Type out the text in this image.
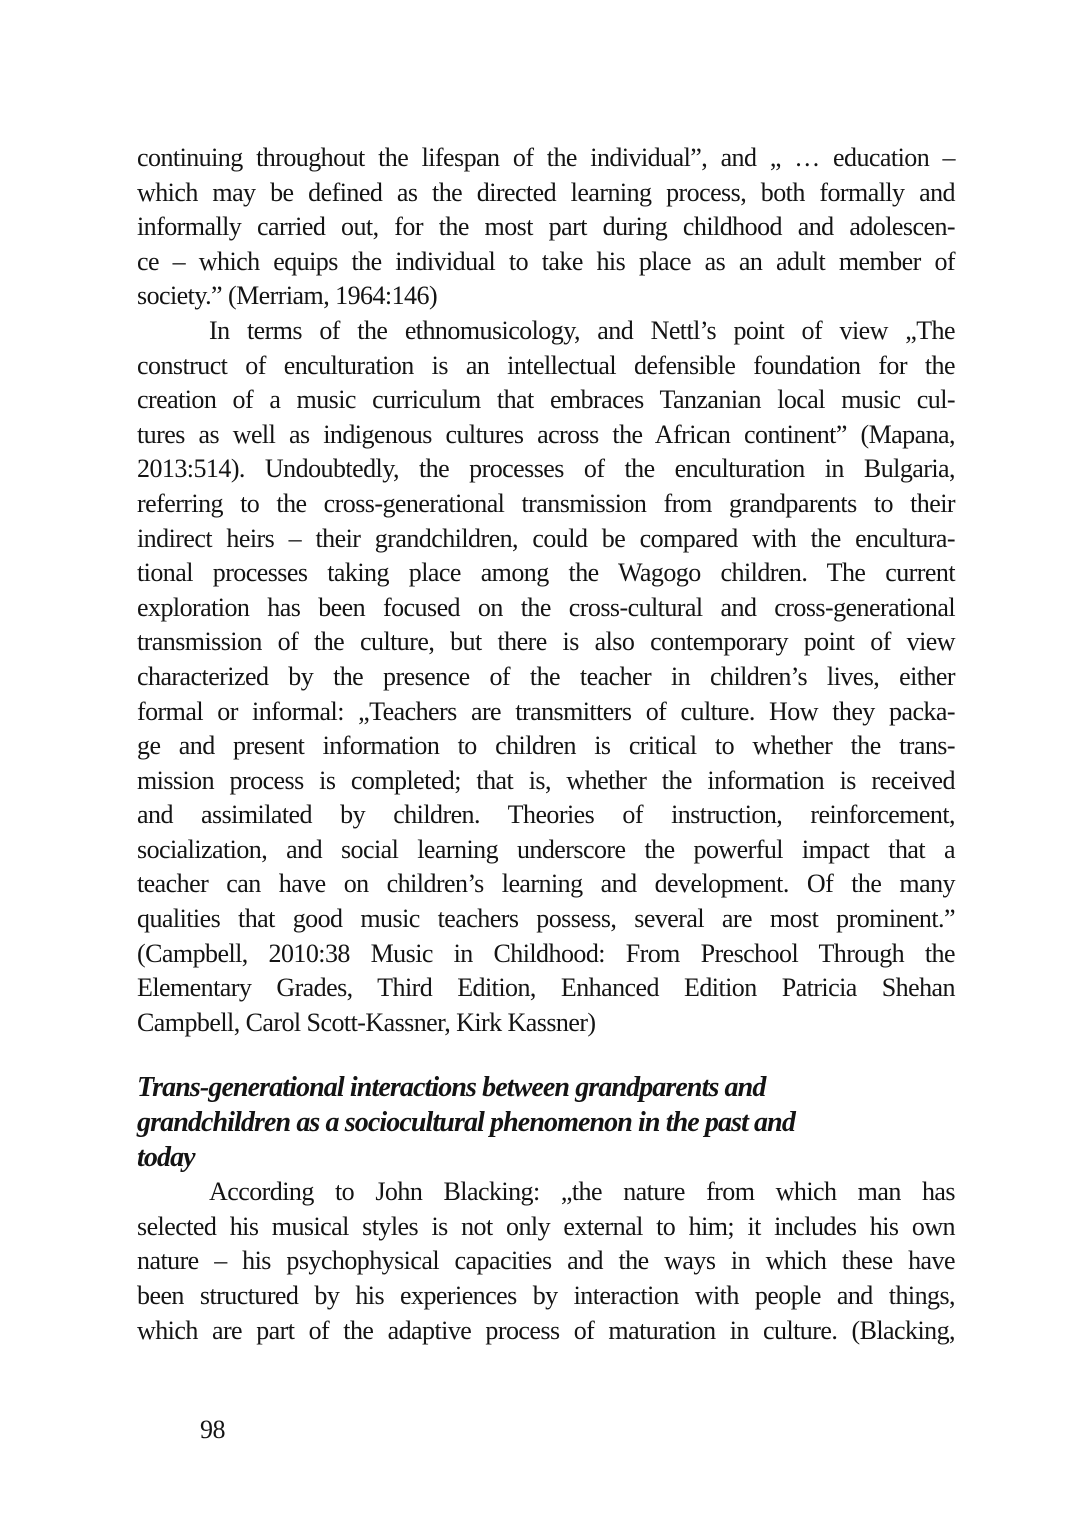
continuing throughout the lifespan of the individual”, and „ … education –
which may be defined as the directed learning process, both formally and
informally carried out, for the most part during childhood and adolescen-
ce – which equips the individual to take his place as an adult member of
society.” (Merriam, 1964:146)
In terms of the ethnomusicology, and Nettl’s point of view „The
construct of enculturation is an intellectual defensible foundation for the
creation of a music curriculum that embraces Tanzanian local music cul-
tures as well as indigenous cultures across the African continent” (Mapana,
2013:514). Undoubtedly, the processes of the enculturation in Bulgaria,
referring to the cross-generational transmission from grandparents to their
indirect heirs – their grandchildren, could be compared with the encultura-
tional processes taking place among the Wagogo children. The current
exploration has been focused on the cross-cultural and cross-generational
transmission of the culture, but there is also contemporary point of view
characterized by the presence of the teacher in children’s lives, either
formal or informal: „Teachers are transmitters of culture. How they packa-
ge and present information to children is critical to whether the trans-
mission process is completed; that is, whether the information is received
and assimilated by children. Theories of instruction, reinforcement,
socialization, and social learning underscore the powerful impact that a
teacher can have on children’s learning and development. Of the many
qualities that good music teachers possess, several are most prominent.”
(Campbell, 2010:38 Music in Childhood: From Preschool Through the
Elementary Grades, Third Edition, Enhanced Edition Patricia Shehan
Campbell, Carol Scott-Kassner, Kirk Kassner)
Trans-generational interactions between grandparents and
grandchildren as a sociocultural phenomenon in the past and
today
According to John Blacking: „the nature from which man has
selected his musical styles is not only external to him; it includes his own
nature – his psychophysical capacities and the ways in which these have
been structured by his experiences by interaction with people and things,
which are part of the adaptive process of maturation in culture. (Blacking,
98
